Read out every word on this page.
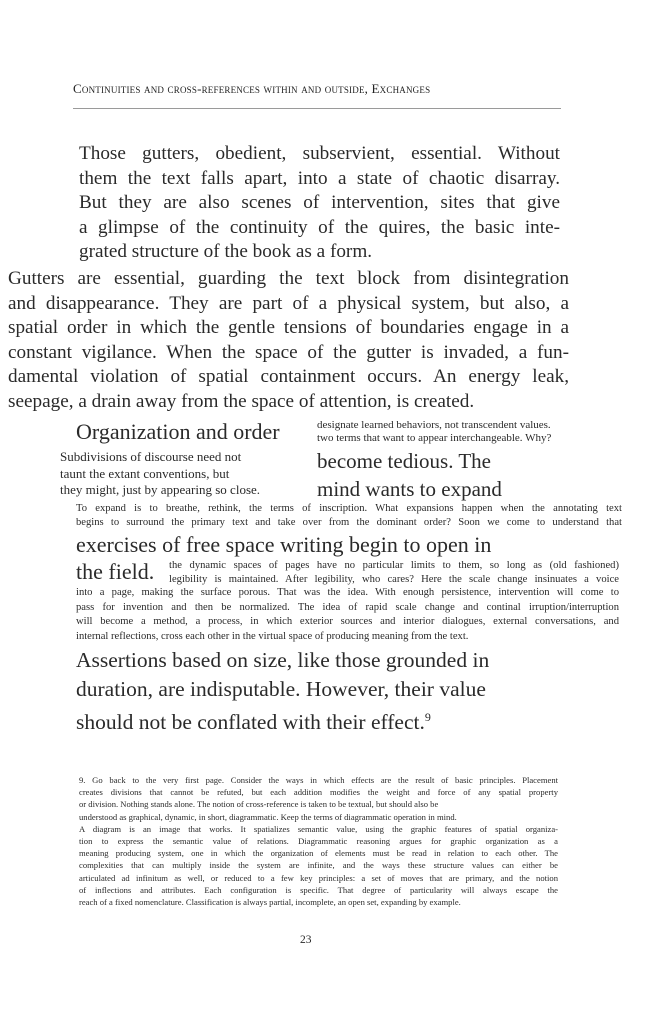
Continuities and cross-references within and outside, Exchanges
Those gutters, obedient, subservient, essential. Without
them the text falls apart, into a state of chaotic disarray.
But they are also scenes of intervention, sites that give
a glimpse of the continuity of the quires, the basic inte-
grated structure of the book as a form.
Gutters are essential, guarding the text block from disintegration
and disappearance. They are part of a physical system, but also, a
spatial order in which the gentle tensions of boundaries engage in a
constant vigilance. When the space of the gutter is invaded, a fun-
damental violation of spatial containment occurs. An energy leak,
seepage, a drain away from the space of attention, is created.
Organization and order	designate learned behaviors, not transcendent values.
two terms that want to appear interchangeable. Why?
Subdivisions of discourse need not
taunt the extant conventions, but
they might, just by appearing so close.
become tedious. The
mind wants to expand
To expand is to breathe, rethink, the terms of inscription. What expansions happen when the annotating text
begins to surround the primary text and take over from the dominant order? Soon we come to understand that
exercises of free space writing begin to open in
the field. the dynamic spaces of pages have no particular limits to them, so long as (old fashioned)
legibility is maintained. After legibility, who cares? Here the scale change insinuates a voice
into a page, making the surface porous. That was the idea. With enough persistence, intervention will come to
pass for invention and then be normalized. The idea of rapid scale change and continal irruption/interruption
will become a method, a process, in which exterior sources and interior dialogues, external conversations, and
internal reflections, cross each other in the virtual space of producing meaning from the text.
Assertions based on size, like those grounded in
duration, are indisputable. However, their value
should not be conflated with their effect.$^9$
9. Go back to the very first page. Consider the ways in which effects are the result of basic principles. Placement
creates divisions that cannot be refuted, but each addition modifies the weight and force of any spatial property
or division. Nothing stands alone. The notion of cross-reference is taken to be textual, but should also be
understood as graphical, dynamic, in short, diagrammatic. Keep the terms of diagrammatic operation in mind.
A diagram is an image that works. It spatializes semantic value, using the graphic features of spatial organiza-
tion to express the semantic value of relations. Diagrammatic reasoning argues for graphic organization as a
meaning producing system, one in which the organization of elements must be read in relation to each other. The
complexities that can multiply inside the system are infinite, and the ways these structure values can either be
articulated ad infinitum as well, or reduced to a few key principles: a set of moves that are primary, and the notion
of inflections and attributes. Each configuration is specific. That degree of particularity will always escape the
reach of a fixed nomenclature. Classification is always partial, incomplete, an open set, expanding by example.
23
